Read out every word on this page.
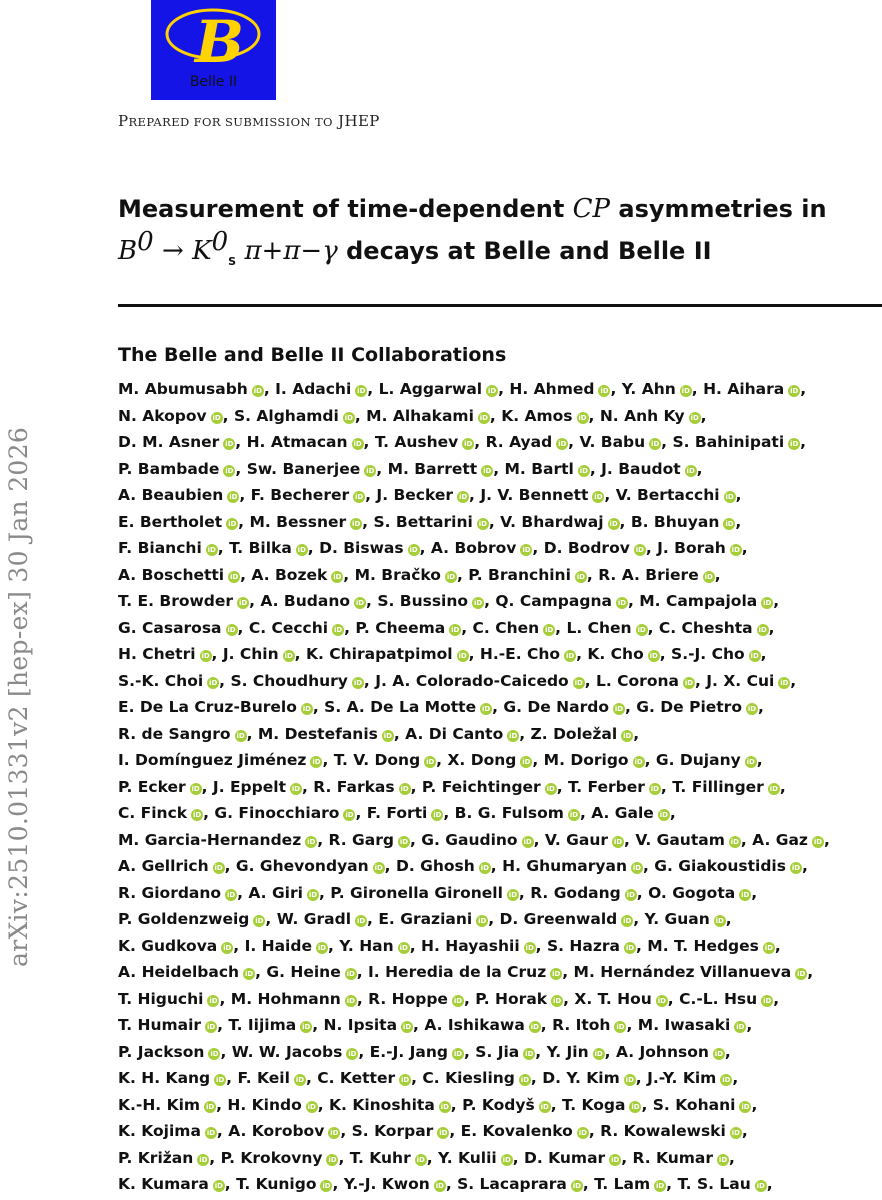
B
Belle II
PREPARED FOR SUBMISSION TO JHEP
arXiv:2510.01331v2 [hep-ex] 30 Jan 2026
Measurement of time-dependent CP asymmetries in
$B^0 \to K^0_S$ π+π−γ decays at Belle and Belle II
The Belle and Belle II Collaborations
M. Abumusabh iD , I. Adachi iD , L. Aggarwal iD , H. Ahmed iD , Y. Ahn iD , H. Aihara iD ,
N. Akopov iD , S. Alghamdi iD , M. Alhakami iD , K. Amos iD , N. Anh Ky iD ,
D. M. Asner iD , H. Atmacan iD , T. Aushev iD , R. Ayad iD , V. Babu iD , S. Bahinipati iD ,
P. Bambade iD , Sw. Banerjee iD , M. Barrett iD , M. Bartl iD , J. Baudot iD ,
A. Beaubien iD , F. Becherer iD , J. Becker iD , J. V. Bennett iD , V. Bertacchi iD ,
E. Bertholet iD , M. Bessner iD , S. Bettarini iD , V. Bhardwaj iD , B. Bhuyan iD ,
F. Bianchi iD , T. Bilka iD , D. Biswas iD , A. Bobrov iD , D. Bodrov iD , J. Borah iD ,
A. Boschetti iD , A. Bozek iD , M. Bračko iD , P. Branchini iD , R. A. Briere iD ,
T. E. Browder iD , A. Budano iD , S. Bussino iD , Q. Campagna iD , M. Campajola iD ,
G. Casarosa iD , C. Cecchi iD , P. Cheema iD , C. Chen iD , L. Chen iD , C. Cheshta iD ,
H. Chetri iD , J. Chin iD , K. Chirapatpimol iD , H.-E. Cho iD , K. Cho iD , S.-J. Cho iD ,
S.-K. Choi iD , S. Choudhury iD , J. A. Colorado-Caicedo iD , L. Corona iD , J. X. Cui iD ,
E. De La Cruz-Burelo iD , S. A. De La Motte iD , G. De Nardo iD , G. De Pietro iD ,
R. de Sangro iD , M. Destefanis iD , A. Di Canto iD , Z. Doležal iD ,
I. Domínguez Jiménez iD , T. V. Dong iD , X. Dong iD , M. Dorigo iD , G. Dujany iD ,
P. Ecker iD , J. Eppelt iD , R. Farkas iD , P. Feichtinger iD , T. Ferber iD , T. Fillinger iD ,
C. Finck iD , G. Finocchiaro iD , F. Forti iD , B. G. Fulsom iD , A. Gale iD ,
M. Garcia-Hernandez iD , R. Garg iD , G. Gaudino iD , V. Gaur iD , V. Gautam iD , A. Gaz iD ,
A. Gellrich iD , G. Ghevondyan iD , D. Ghosh iD , H. Ghumaryan iD , G. Giakoustidis iD ,
R. Giordano iD , A. Giri iD , P. Gironella Gironell iD , R. Godang iD , O. Gogota iD ,
P. Goldenzweig iD , W. Gradl iD , E. Graziani iD , D. Greenwald iD , Y. Guan iD ,
K. Gudkova iD , I. Haide iD , Y. Han iD , H. Hayashii iD , S. Hazra iD , M. T. Hedges iD ,
A. Heidelbach iD , G. Heine iD , I. Heredia de la Cruz iD , M. Hernández Villanueva iD ,
T. Higuchi iD , M. Hohmann iD , R. Hoppe iD , P. Horak iD , X. T. Hou iD , C.-L. Hsu iD ,
T. Humair iD , T. Iijima iD , N. Ipsita iD , A. Ishikawa iD , R. Itoh iD , M. Iwasaki iD ,
P. Jackson iD , W. W. Jacobs iD , E.-J. Jang iD , S. Jia iD , Y. Jin iD , A. Johnson iD ,
K. H. Kang iD , F. Keil iD , C. Ketter iD , C. Kiesling iD , D. Y. Kim iD , J.-Y. Kim iD ,
K.-H. Kim iD , H. Kindo iD , K. Kinoshita iD , P. Kodyš iD , T. Koga iD , S. Kohani iD ,
K. Kojima iD , A. Korobov iD , S. Korpar iD , E. Kovalenko iD , R. Kowalewski iD ,
P. Križan iD , P. Krokovny iD , T. Kuhr iD , Y. Kulii iD , D. Kumar iD , R. Kumar iD ,
K. Kumara iD , T. Kunigo iD , Y.-J. Kwon iD , S. Lacaprara iD , T. Lam iD , T. S. Lau iD ,
